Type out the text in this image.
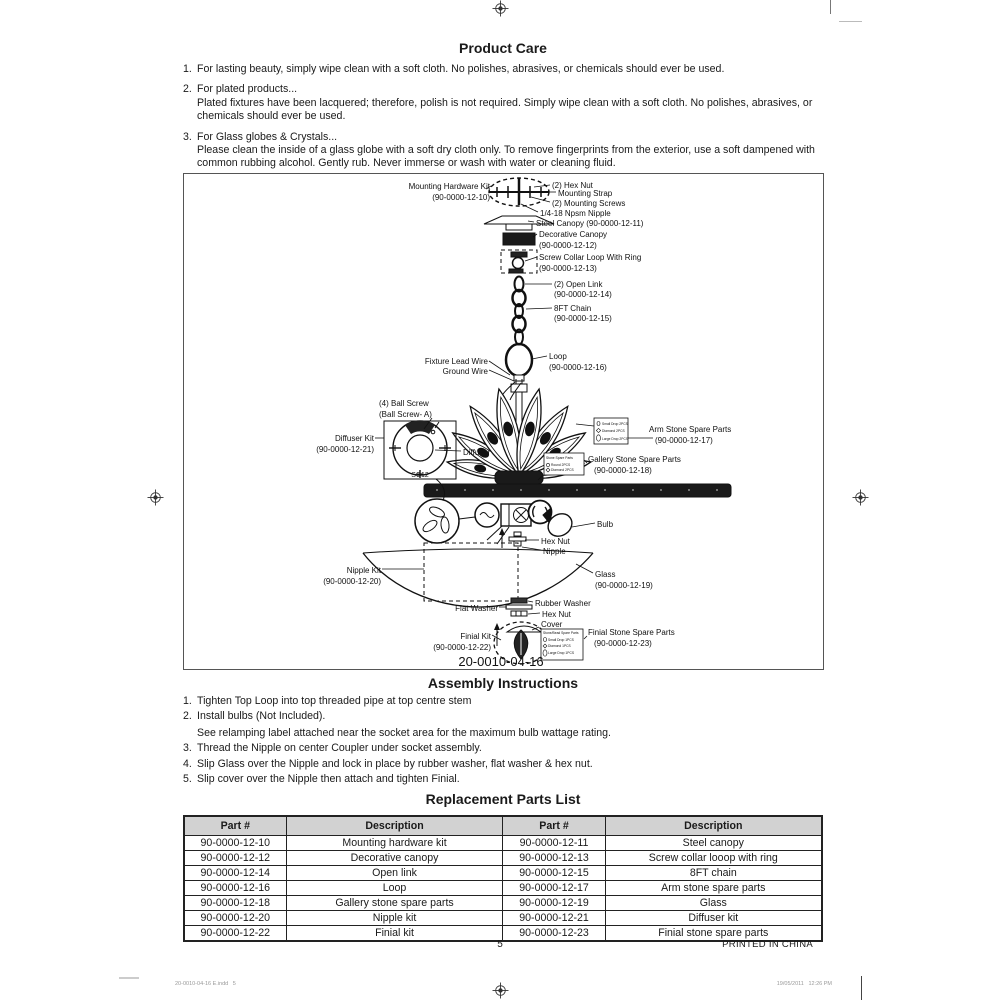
Product Care
1. For lasting beauty, simply wipe clean with a soft cloth. No polishes, abrasives, or chemicals should ever be used.
2. For plated products...
Plated fixtures have been lacquered; therefore, polish is not required. Simply wipe clean with a soft cloth. No polishes, abrasives, or chemicals should ever be used.
3. For Glass globes & Crystals...
Please clean the inside of a glass globe with a soft dry cloth only. To remove fingerprints from the exterior, use a soft dampened with common rubbing alcohol. Gently rub. Never immerse or wash with water or cleaning fluid.
Mounting Hardware Kit
(90-0000-12-10)
(2) Hex Nut
Mounting Strap
(2) Mounting Screws
1/4-18 Npsm Nipple
Steel Canopy (90-0000-12-11)
Decorative Canopy
(90-0000-12-12)
Screw Collar Loop With Ring
(90-0000-12-13)
(2) Open Link
(90-0000-12-14)
8FT Chain
(90-0000-12-15)
Loop
(90-0000-12-16)
Fixture Lead Wire
Ground Wire
(4) Ball Screw
(Ball Screw- A)
Diffuser
Diffuser Kit
(90-0000-12-21)
SC12
Arm Stone Spare Parts
(90-0000-12-17)
Gallery Stone Spare Parts
(90-0000-12-18)
Bulb
Hex Nut
Nipple
Nipple Kit
(90-0000-12-20)
Glass
(90-0000-12-19)
Rubber Washer
Flat Washer
Hex Nut
Cover
Finial Kit
(90-0000-12-22)
Finial Stone Spare Parts
(90-0000-12-23)
Small Drop 2PCS
Diamond 2PCS
Large Drop 2PCS
Stone Spare Parts
Round 2PCS
Diamond 2PCS
Stone/Bead Spare Parts
Small Drop 1PCS
Diamond 1PCS
Large Drop 1PCS
20-0010-04-16
Assembly Instructions
1. Tighten Top Loop into top threaded pipe at top centre stem
2. Install bulbs (Not Included).
See relamping label attached near the socket area for the maximum bulb wattage rating.
3. Thread the Nipple on center Coupler under socket assembly.
4. Slip Glass over the Nipple and lock in place by rubber washer, flat washer & hex nut.
5. Slip cover over the Nipple then attach and tighten Finial.
Replacement Parts List
Part #	Description	Part #	Description
90-0000-12-10	Mounting hardware kit	90-0000-12-11	Steel canopy
90-0000-12-12	Decorative canopy	90-0000-12-13	Screw collar looop with ring
90-0000-12-14	Open link	90-0000-12-15	8FT chain
90-0000-12-16	Loop	90-0000-12-17	Arm stone spare parts
90-0000-12-18	Gallery stone spare parts	90-0000-12-19	Glass
90-0000-12-20	Nipple kit	90-0000-12-21	Diffuser kit
90-0000-12-22	Finial kit	90-0000-12-23	Finial stone spare parts
5	PRINTED IN CHINA
20-0010-04-16 E.indd   5	19/05/2011   12:26 PM
